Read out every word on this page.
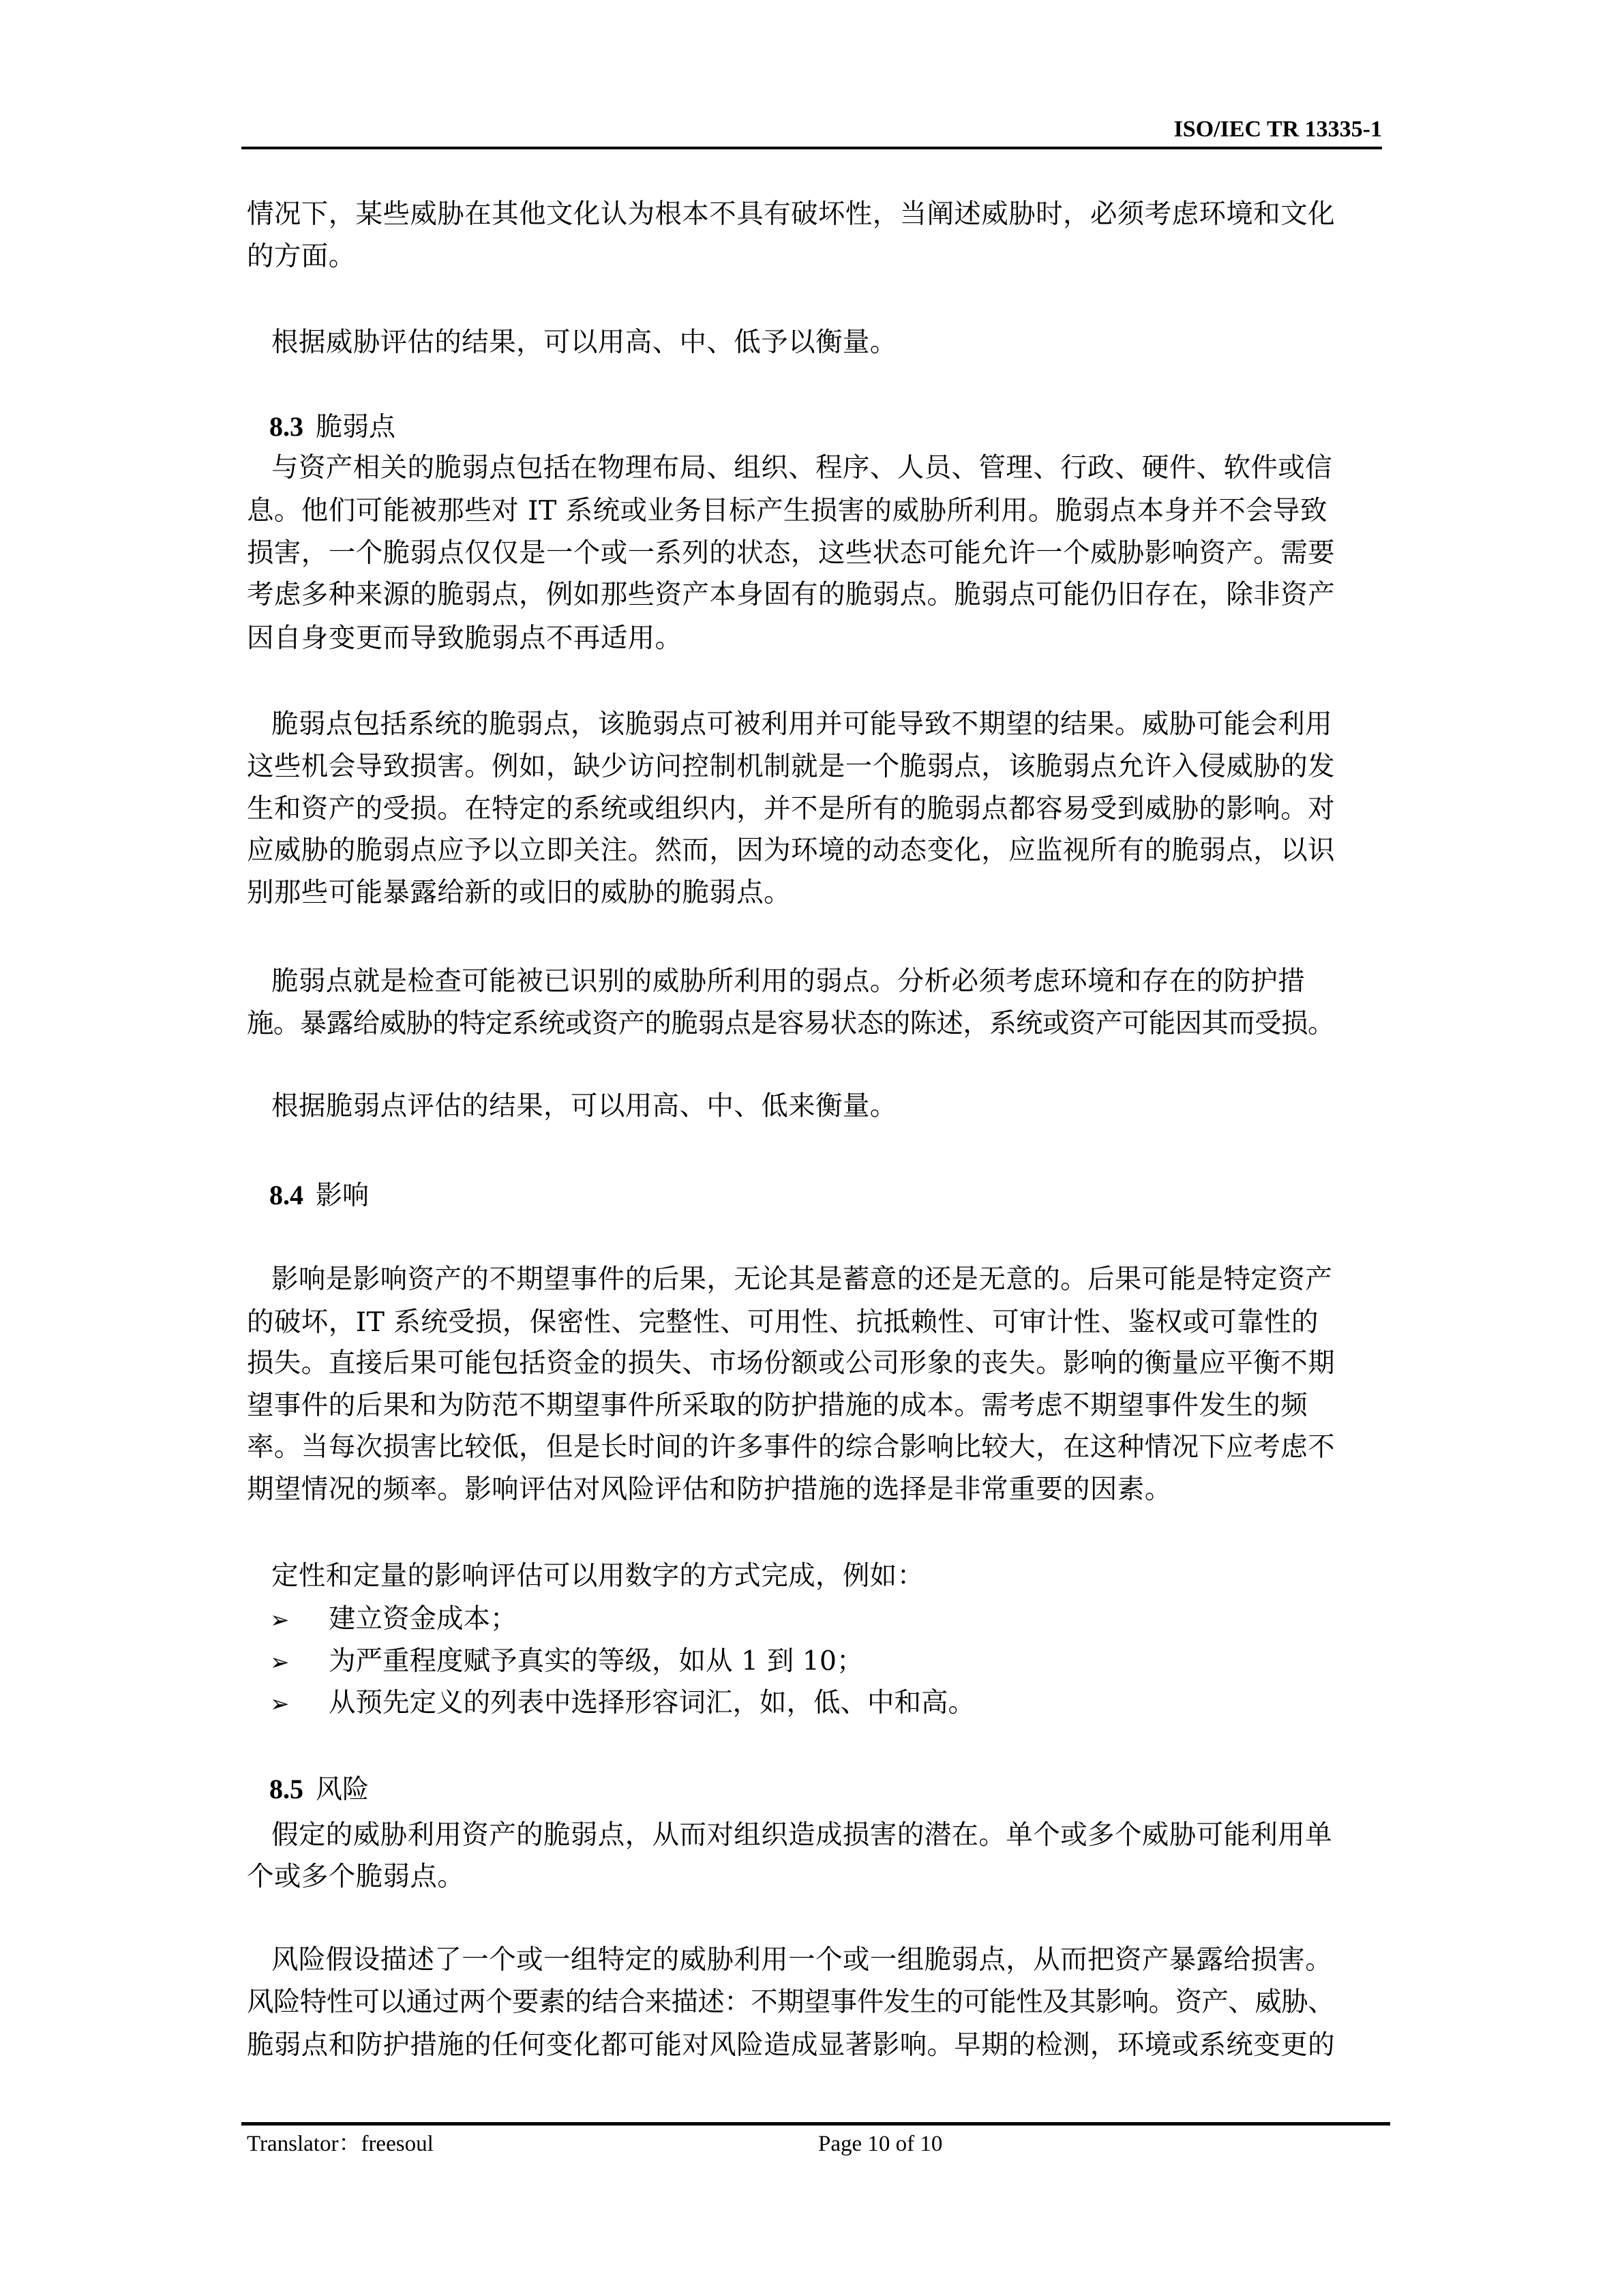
ISO/IEC TR 13335-1
情况下，某些威胁在其他文化认为根本不具有破坏性，当阐述威胁时，必须考虑环境和文化
的方面。
根据威胁评估的结果，可以用高、中、低予以衡量。
8.3 脆弱点
与资产相关的脆弱点包括在物理布局、组织、程序、人员、管理、行政、硬件、软件或信
息。他们可能被那些对 IT 系统或业务目标产生损害的威胁所利用。脆弱点本身并不会导致
损害，一个脆弱点仅仅是一个或一系列的状态，这些状态可能允许一个威胁影响资产。需要
考虑多种来源的脆弱点，例如那些资产本身固有的脆弱点。脆弱点可能仍旧存在，除非资产
因自身变更而导致脆弱点不再适用。
脆弱点包括系统的脆弱点，该脆弱点可被利用并可能导致不期望的结果。威胁可能会利用
这些机会导致损害。例如，缺少访问控制机制就是一个脆弱点，该脆弱点允许入侵威胁的发
生和资产的受损。在特定的系统或组织内，并不是所有的脆弱点都容易受到威胁的影响。对
应威胁的脆弱点应予以立即关注。然而，因为环境的动态变化，应监视所有的脆弱点，以识
别那些可能暴露给新的或旧的威胁的脆弱点。
脆弱点就是检查可能被已识别的威胁所利用的弱点。分析必须考虑环境和存在的防护措
施。暴露给威胁的特定系统或资产的脆弱点是容易状态的陈述，系统或资产可能因其而受损。
根据脆弱点评估的结果，可以用高、中、低来衡量。
8.4 影响
影响是影响资产的不期望事件的后果，无论其是蓄意的还是无意的。后果可能是特定资产
的破坏，IT 系统受损，保密性、完整性、可用性、抗抵赖性、可审计性、鉴权或可靠性的
损失。直接后果可能包括资金的损失、市场份额或公司形象的丧失。影响的衡量应平衡不期
望事件的后果和为防范不期望事件所采取的防护措施的成本。需考虑不期望事件发生的频
率。当每次损害比较低，但是长时间的许多事件的综合影响比较大，在这种情况下应考虑不
期望情况的频率。影响评估对风险评估和防护措施的选择是非常重要的因素。
定性和定量的影响评估可以用数字的方式完成，例如：
➢ 建立资金成本；
➢ 为严重程度赋予真实的等级，如从 1 到 10；
➢ 从预先定义的列表中选择形容词汇，如，低、中和高。
8.5 风险
假定的威胁利用资产的脆弱点，从而对组织造成损害的潜在。单个或多个威胁可能利用单
个或多个脆弱点。
风险假设描述了一个或一组特定的威胁利用一个或一组脆弱点，从而把资产暴露给损害。
风险特性可以通过两个要素的结合来描述：不期望事件发生的可能性及其影响。资产、威胁、
脆弱点和防护措施的任何变化都可能对风险造成显著影响。早期的检测，环境或系统变更的
Translator：freesoul	Page 10 of 10
